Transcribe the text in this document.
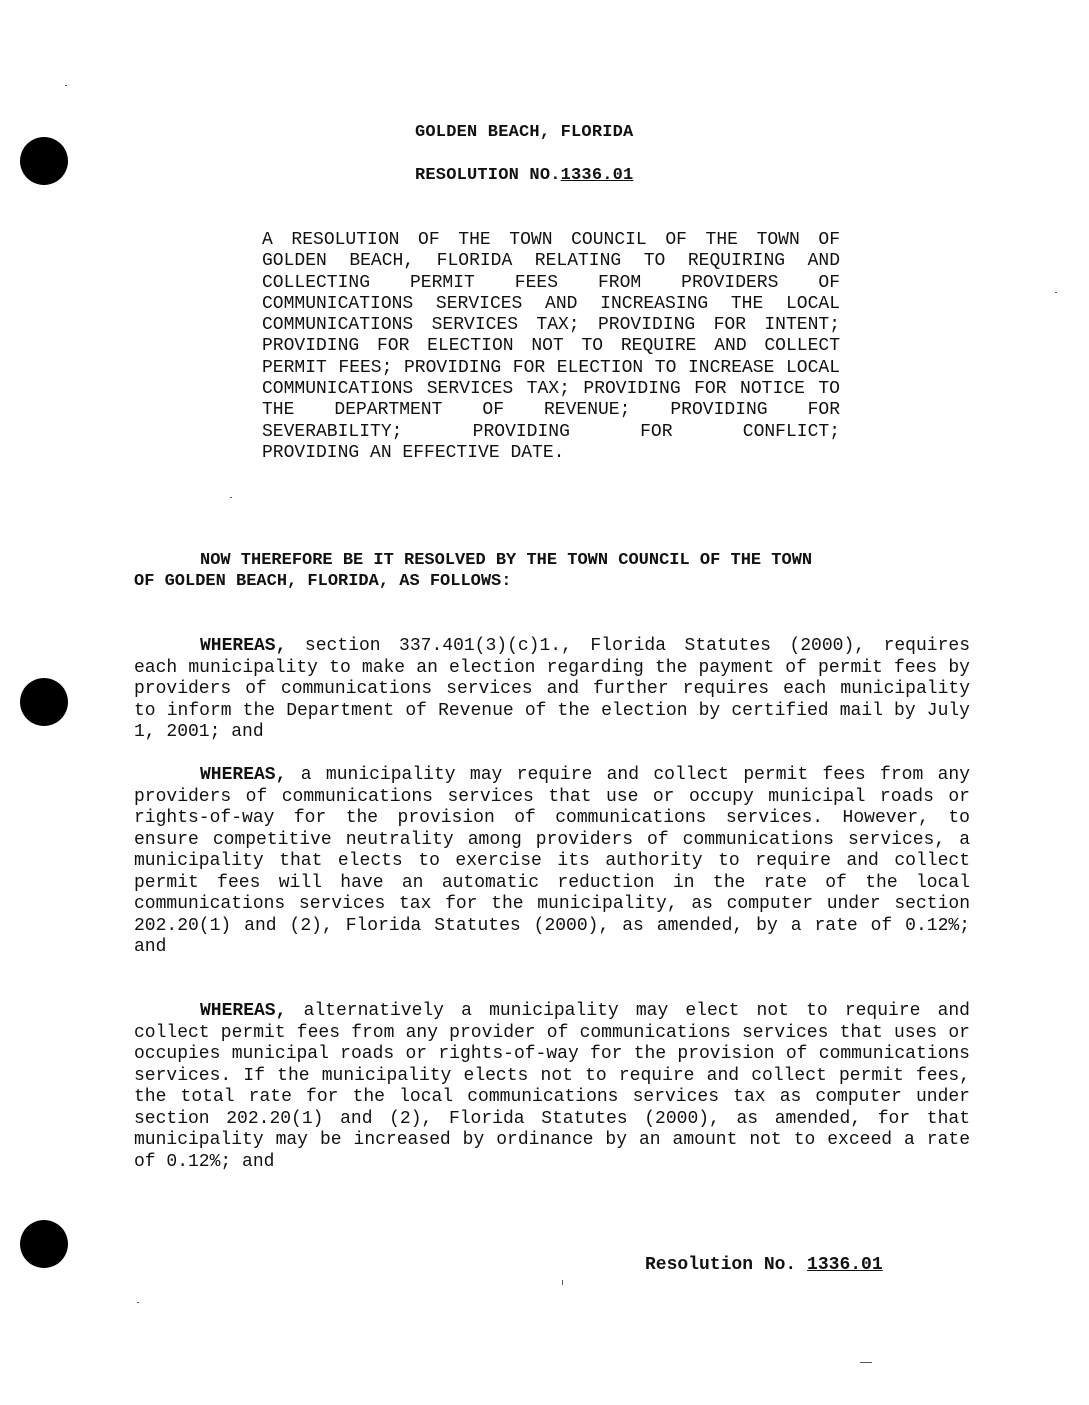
GOLDEN BEACH, FLORIDA
RESOLUTION NO.1336.01
A RESOLUTION OF THE TOWN COUNCIL OF THE TOWN OF GOLDEN BEACH, FLORIDA RELATING TO REQUIRING AND COLLECTING PERMIT FEES FROM PROVIDERS OF COMMUNICATIONS SERVICES AND INCREASING THE LOCAL COMMUNICATIONS SERVICES TAX; PROVIDING FOR INTENT; PROVIDING FOR ELECTION NOT TO REQUIRE AND COLLECT PERMIT FEES; PROVIDING FOR ELECTION TO INCREASE LOCAL COMMUNICATIONS SERVICES TAX; PROVIDING FOR NOTICE TO THE DEPARTMENT OF REVENUE; PROVIDING FOR SEVERABILITY; PROVIDING FOR CONFLICT;
PROVIDING AN EFFECTIVE DATE.
NOW THEREFORE BE IT RESOLVED BY THE TOWN COUNCIL OF THE TOWN
OF GOLDEN BEACH, FLORIDA, AS FOLLOWS:
WHEREAS, section 337.401(3)(c)1., Florida Statutes (2000), requires each municipality to make an election regarding the payment of permit fees by providers of communications services and further requires each municipality to inform the Department of Revenue of the election by certified mail by July 1, 2001; and
WHEREAS, a municipality may require and collect permit fees from any providers of communications services that use or occupy municipal roads or rights-of-way for the provision of communications services. However, to ensure competitive neutrality among providers of communications services, a municipality that elects to exercise its authority to require and collect permit fees will have an automatic reduction in the rate of the local communications services tax for the municipality, as computer under section 202.20(1) and (2), Florida Statutes (2000), as amended, by a rate of 0.12%; and
WHEREAS, alternatively a municipality may elect not to require and collect permit fees from any provider of communications services that uses or occupies municipal roads or rights-of-way for the provision of communications services. If the municipality elects not to require and collect permit fees, the total rate for the local communications services tax as computer under section 202.20(1) and (2), Florida Statutes (2000), as amended, for that municipality may be increased by ordinance by an amount not to exceed a rate of 0.12%; and
Resolution No. 1336.01
